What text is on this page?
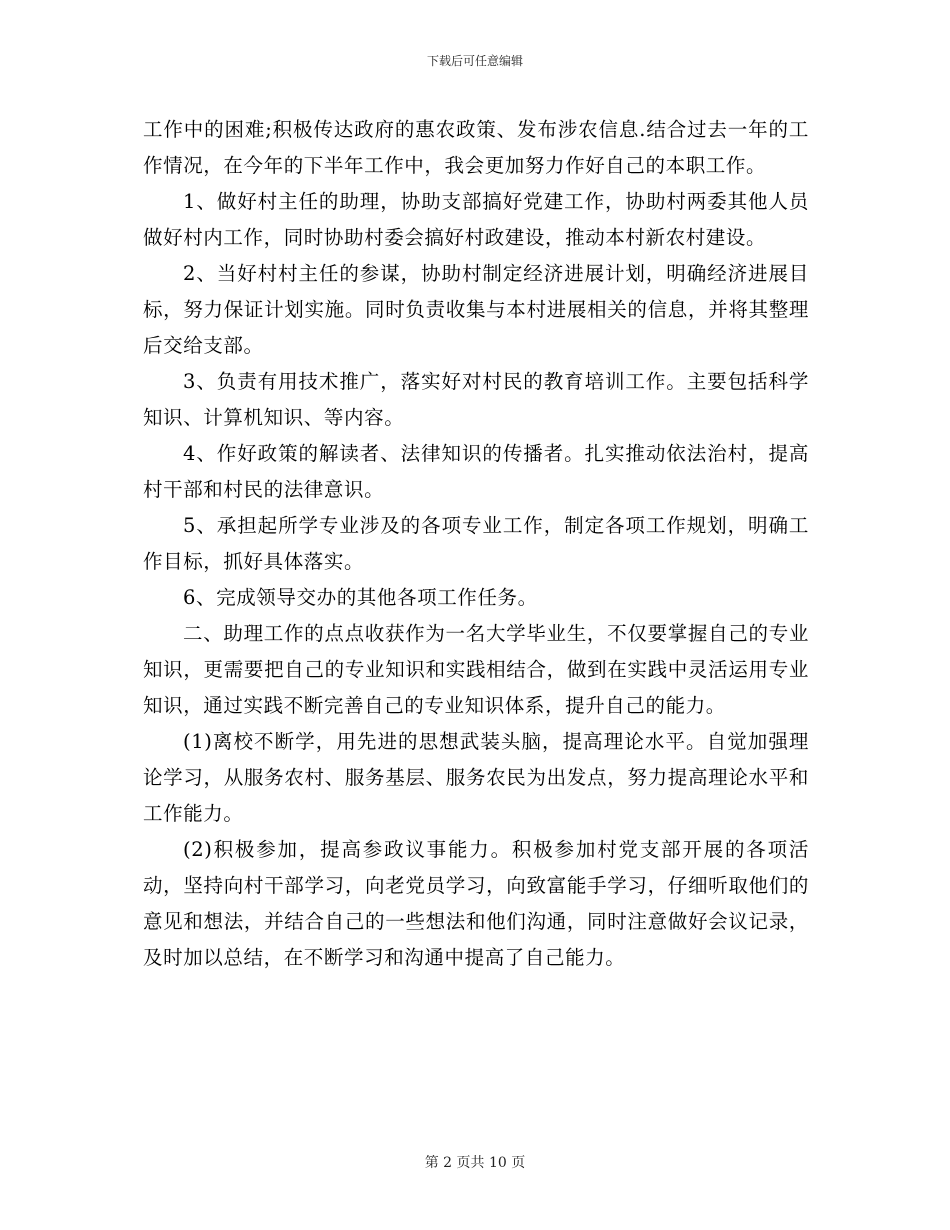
下载后可任意编辑

工作中的困难;积极传达政府的惠农政策、发布涉农信息.结合过去一年的工作情况，在今年的下半年工作中，我会更加努力作好自己的本职工作。

1、做好村主任的助理，协助支部搞好党建工作，协助村两委其他人员做好村内工作，同时协助村委会搞好村政建设，推动本村新农村建设。

2、当好村村主任的参谋，协助村制定经济进展计划，明确经济进展目标，努力保证计划实施。同时负责收集与本村进展相关的信息，并将其整理后交给支部。

3、负责有用技术推广，落实好对村民的教育培训工作。主要包括科学知识、计算机知识、等内容。

4、作好政策的解读者、法律知识的传播者。扎实推动依法治村，提高村干部和村民的法律意识。

5、承担起所学专业涉及的各项专业工作，制定各项工作规划，明确工作目标，抓好具体落实。

6、完成领导交办的其他各项工作任务。

二、助理工作的点点收获作为一名大学毕业生，不仅要掌握自己的专业知识，更需要把自己的专业知识和实践相结合，做到在实践中灵活运用专业知识，通过实践不断完善自己的专业知识体系，提升自己的能力。

(1)离校不断学，用先进的思想武装头脑，提高理论水平。自觉加强理论学习，从服务农村、服务基层、服务农民为出发点，努力提高理论水平和工作能力。

(2)积极参加，提高参政议事能力。积极参加村党支部开展的各项活动，坚持向村干部学习，向老党员学习，向致富能手学习，仔细听取他们的意见和想法，并结合自己的一些想法和他们沟通，同时注意做好会议记录，及时加以总结，在不断学习和沟通中提高了自己能力。

第 2 页共 10 页
